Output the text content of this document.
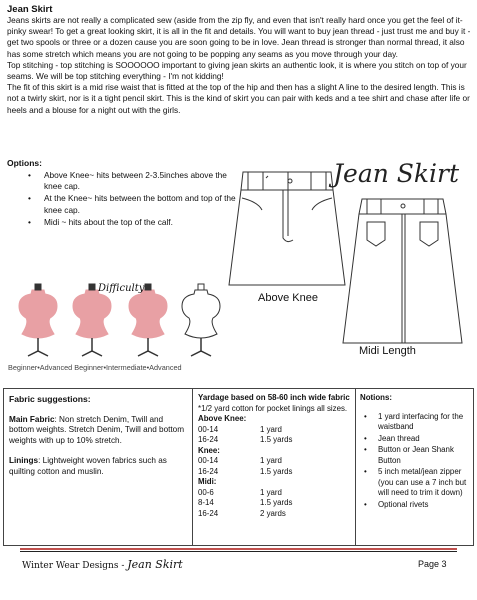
Jean Skirt

Jeans skirts are not really a complicated sew (aside from the zip fly, and even that isn't really hard once you get the feel of it- pinky swear! To get a great looking skirt, it is all in the fit and details. You will want to buy jean thread - just trust me and buy it - get two spools or three or a dozen cause you are soon going to be in love. Jean thread is stronger than normal thread, it also has some stretch which means you are not going to be popping any seams as you move through your day.

Top stitching - top stitching is SOOOOOO important to giving jean skirts an authentic look, it is where you stitch on top of your seams. We will be top stitching everything - I'm not kidding!

The fit of this skirt is a mid rise waist that is fitted at the top of the hip and then has a slight A line to the desired length. This is not a twirly skirt, nor is it a tight pencil skirt. This is the kind of skirt you can pair with keds and a tee shirt and chase after life or heels and a blouse for a night out with the girls.

Options:
• Above Knee~ hits between 2-3.5inches above the knee cap.
• At the Knee~ hits between the bottom and top of the knee cap.
• Midi ~ hits about the top of the calf.
Jean Skirt
Above Knee
Midi Length
Difficulty
Beginner•Advanced Beginner•Intermediate•Advanced
Fabric suggestions:

Main Fabric: Non stretch Denim, Twill and bottom weights. Stretch Denim, Twill and bottom weights with up to 10% stretch.

Linings: Lightweight woven fabrics such as quilting cotton and muslin.

Yardage based on 58-60 inch wide fabric
*1/2 yard cotton for pocket linings all sizes.
Above Knee:
00-14	1 yard
16-24	1.5 yards
Knee:
00-14	1 yard
16-24	1.5 yards
Midi:
00-6	1 yard
8-14	1.5 yards
16-24	2 yards
Notions:
• 1 yard interfacing for the waistband
• Jean thread
• Button or Jean Shank Button
• 5 inch metal/jean zipper (you can use a 7 inch but will need to trim it down)
• Optional rivets
Winter Wear Designs - Jean Skirt	Page 3
